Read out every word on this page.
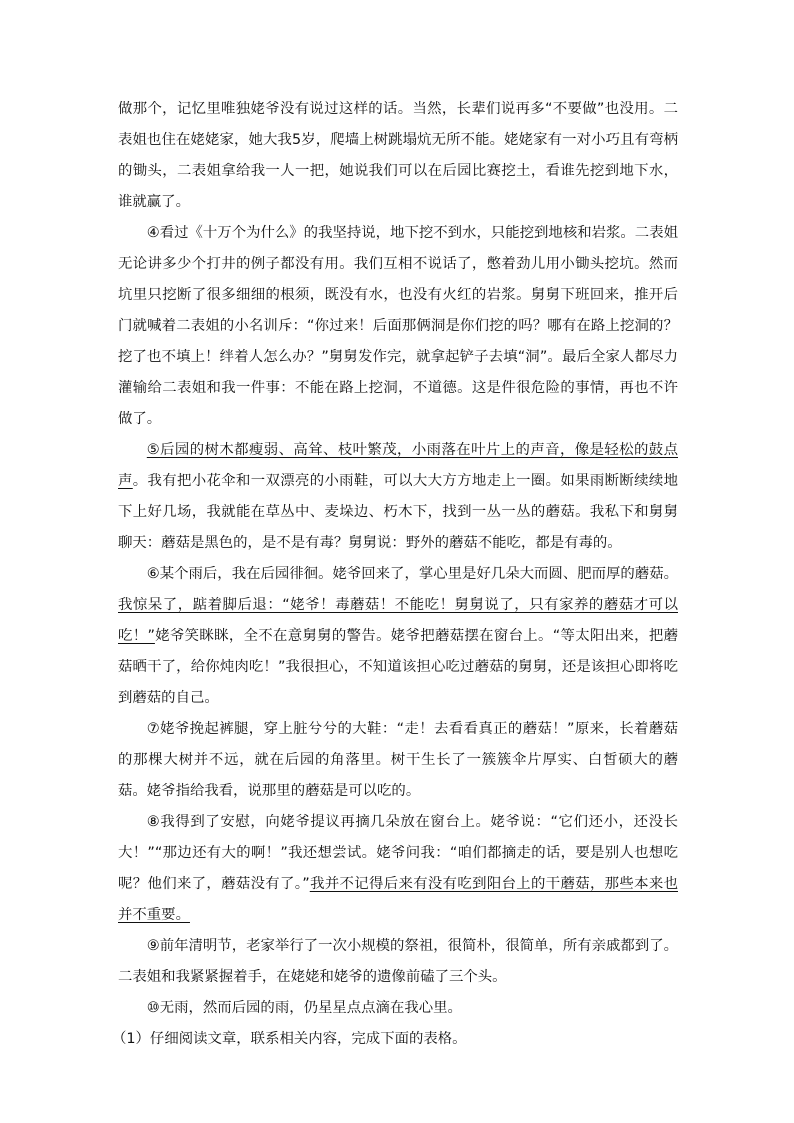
做那个，记忆里唯独姥爷没有说过这样的话。当然，长辈们说再多“不要做”也没用。二表姐也住在姥姥家，她大我5岁，爬墙上树跳塌炕无所不能。姥姥家有一对小巧且有弯柄的锄头，二表姐拿给我一人一把，她说我们可以在后园比赛挖土，看谁先挖到地下水，谁就赢了。

④看过《十万个为什么》的我坚持说，地下挖不到水，只能挖到地核和岩浆。二表姐无论讲多少个打井的例子都没有用。我们互相不说话了，憋着劲儿用小锄头挖坑。然而坑里只挖断了很多细细的根须，既没有水，也没有火红的岩浆。舅舅下班回来，推开后门就喊着二表姐的小名训斥：“你过来！后面那俩洞是你们挖的吗？哪有在路上挖洞的？挖了也不填上！绊着人怎么办？”舅舅发作完，就拿起铲子去填“洞”。最后全家人都尽力灌输给二表姐和我一件事：不能在路上挖洞，不道德。这是件很危险的事情，再也不许做了。

⑤后园的树木都瘦弱、高耸、枝叶繁茂，小雨落在叶片上的声音，像是轻松的鼓点声。我有把小花伞和一双漂亮的小雨鞋，可以大大方方地走上一圈。如果雨断断续续地下上好几场，我就能在草丛中、麦垛边、朽木下，找到一丛一丛的蘑菇。我私下和舅舅聊天：蘑菇是黑色的，是不是有毒？舅舅说：野外的蘑菇不能吃，都是有毒的。

⑥某个雨后，我在后园徘徊。姥爷回来了，掌心里是好几朵大而圆、肥而厚的蘑菇。我惊呆了，踮着脚后退：“姥爷！毒蘑菇！不能吃！舅舅说了，只有家养的蘑菇才可以吃！”姥爷笑眯眯，全不在意舅舅的警告。姥爷把蘑菇摆在窗台上。“等太阳出来，把蘑菇晒干了，给你炖肉吃！”我很担心，不知道该担心吃过蘑菇的舅舅，还是该担心即将吃到蘑菇的自己。

⑦姥爷挽起裤腿，穿上脏兮兮的大鞋：“走！去看看真正的蘑菇！”原来，长着蘑菇的那棵大树并不远，就在后园的角落里。树干生长了一簇簇伞片厚实、白皙硕大的蘑菇。姥爷指给我看，说那里的蘑菇是可以吃的。

⑧我得到了安慰，向姥爷提议再摘几朵放在窗台上。姥爷说：“它们还小，还没长大！”“那边还有大的啊！”我还想尝试。姥爷问我：“咱们都摘走的话，要是别人也想吃呢？他们来了，蘑菇没有了。”我并不记得后来有没有吃到阳台上的干蘑菇，那些本来也并不重要。

⑨前年清明节，老家举行了一次小规模的祭祖，很简朴，很简单，所有亲戚都到了。二表姐和我紧紧握着手，在姥姥和姥爷的遗像前磕了三个头。

⑩无雨，然而后园的雨，仍星星点点滴在我心里。

（1）仔细阅读文章，联系相关内容，完成下面的表格。
